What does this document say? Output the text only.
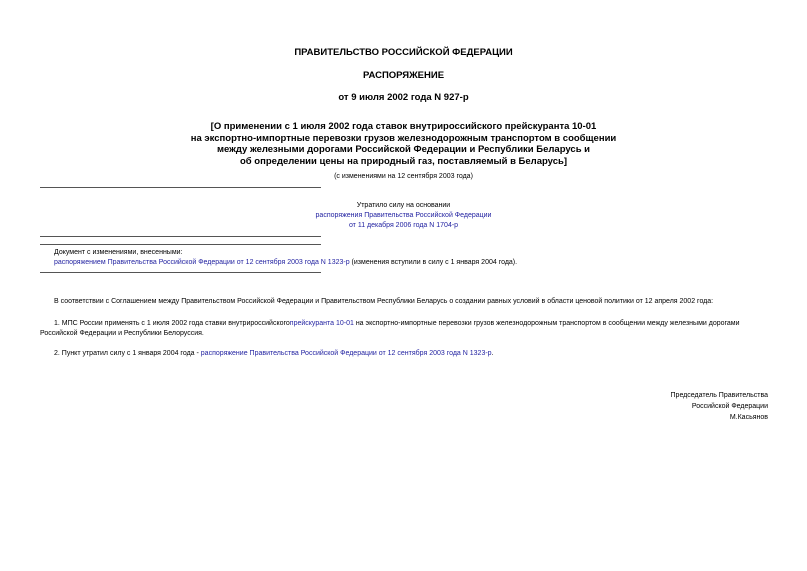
ПРАВИТЕЛЬСТВО РОССИЙСКОЙ ФЕДЕРАЦИИ
РАСПОРЯЖЕНИЕ
от 9 июля 2002 года N 927-р
[О применении с 1 июля 2002 года ставок внутрироссийского прейскуранта 10-01
на экспортно-импортные перевозки грузов железнодорожным транспортом в сообщении
между железными дорогами Российской Федерации и Республики Беларусь и
об определении цены на природный газ, поставляемый в Беларусь]
(с изменениями на 12 сентября 2003 года)
Утратило силу на основании
распоряжения Правительства Российской Федерации
от 11 декабря 2006 года N 1704-р
Документ с изменениями, внесенными:
распоряжением Правительства Российской Федерации от 12 сентября 2003 года N 1323-р (изменения вступили в силу с 1 января 2004 года).
В соответствии с Соглашением между Правительством Российской Федерации и Правительством Республики Беларусь о создании равных условий в области ценовой политики от 12 апреля 2002 года:
1. МПС России применять с 1 июля 2002 года ставки внутрироссийскогопрейскуранта 10-01 на экспортно-импортные перевозки грузов железнодорожным транспортом в сообщении между железными дорогами
Российской Федерации и Республики Белоруссия.
2. Пункт утратил силу с 1 января 2004 года - распоряжение Правительства Российской Федерации от 12 сентября 2003 года N 1323-р.
Председатель Правительства
Российской Федерации
М.Касьянов
